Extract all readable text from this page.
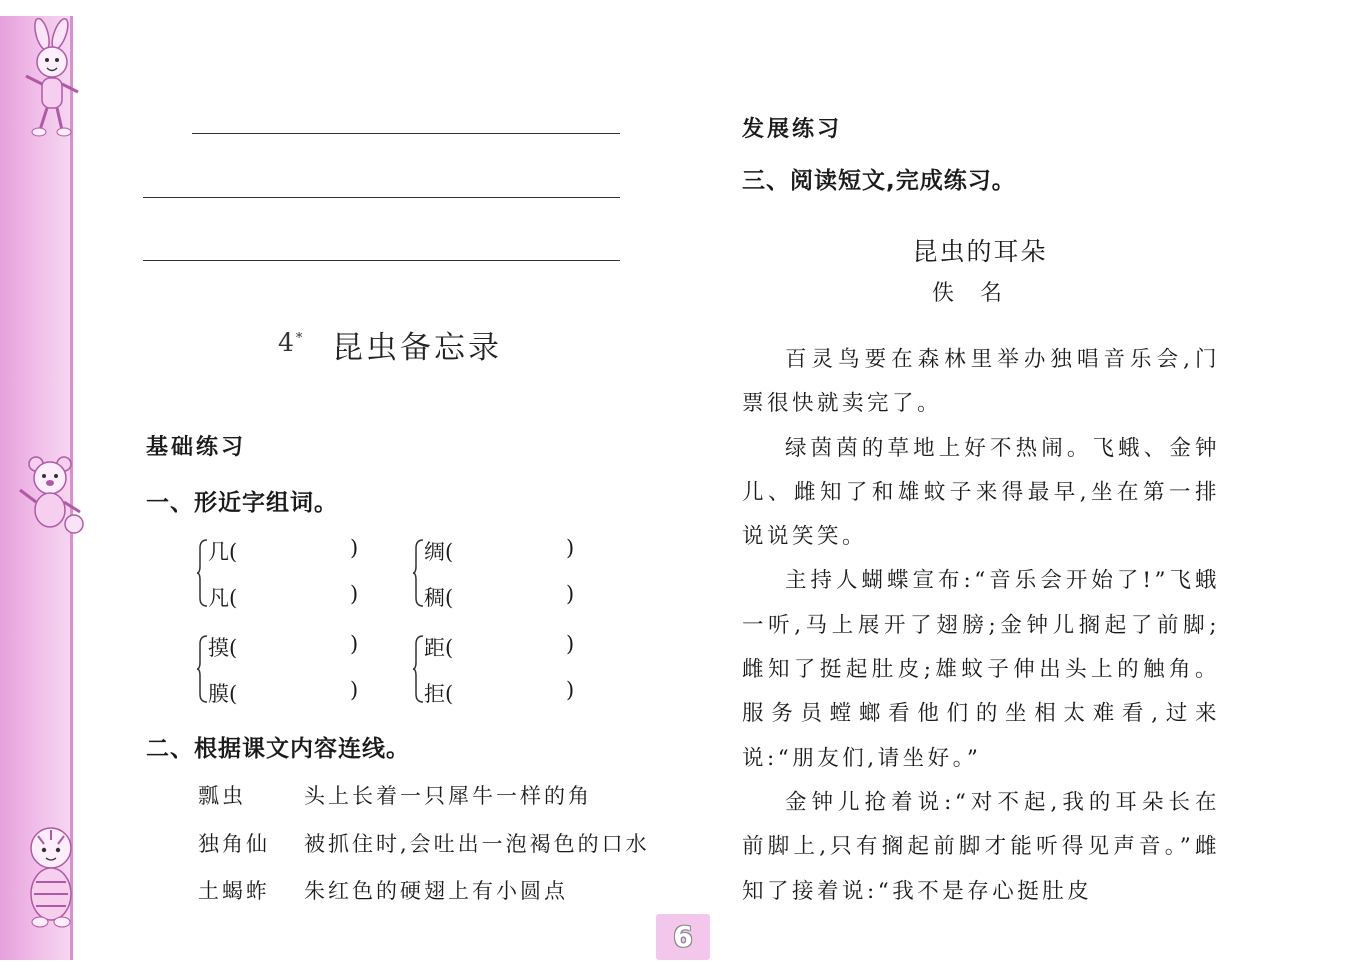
4 * 昆虫备忘录
基础练习
一、形近字组词。
几(	)
凡(	)
绸(	)
稠(	)
摸(	)
膜(	)
距(	)
拒(	)
二、根据课文内容连线。
瓢虫	头上长着一只犀牛一样的角
独角仙 被抓住时,会吐出一泡褐色的口水
土蝎蚱 朱红色的硬翅上有小圆点
发展练习
三、阅读短文,完成练习。
昆虫的耳朵
佚名

百灵鸟要在森林里举办独唱音乐会,门票很快就卖完了。

绿茵茵的草地上好不热闹。飞蛾、金钟儿、雌知了和雄蚊子来得最早,坐在第一排说说笑笑。

主持人蝴蝶宣布:“音乐会开始了!”飞蛾一听,马上展开了翅膀;金钟儿搁起了前脚;雌知了挺起肚皮;雄蚊子伸出头上的触角。服务员螳螂看他们的坐相太难看,过来说:“朋友们,请坐好。”

金钟儿抢着说:“对不起,我的耳朵长在前脚上,只有搁起前脚才能听得见声音。”雌知了接着说:“我不是存心挺肚皮

6
